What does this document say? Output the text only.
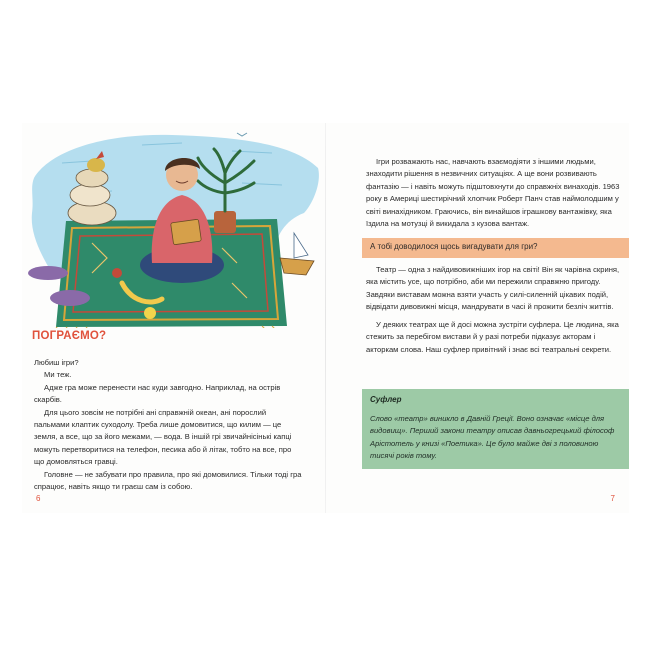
ПОГРАЄМО?

Любиш ігри?

Ми теж.

Адже гра може перенести нас куди завгодно. Наприклад, на острів скарбів.

Для цього зовсім не потрібні ані справжній океан, ані порослий пальмами клаптик суходолу. Треба лише домовитися, що килим — це земля, а все, що за його межами, — вода. В іншій грі звичайнісінькі капці можуть перетворитися на телефон, песика або й літак, тобто на все, про що домовляться гравці.

Головне — не забувати про правила, про які домовилися. Тільки тоді гра спрацює, навіть якщо ти граєш сам із собою.

6

Ігри розважають нас, навчають взаємодіяти з іншими людьми, знаходити рішення в незвичних ситуаціях. А ще вони розвивають фантазію — і навіть можуть підштовхнути до справжніх винаходів. 1963 року в Америці шестирічний хлопчик Роберт Панч став наймолодшим у світі винахідником. Граючись, він винайшов іграшкову вантажівку, яка їздила на мотузці й викидала з кузова вантаж.

А тобі доводилося щось вигадувати для гри?

Театр — одна з найдивовижніших ігор на світі! Він як чарівна скриня, яка містить усе, що потрібно, аби ми пережили справжню пригоду. Завдяки виставам можна взяти участь у силі-силенній цікавих подій, відвідати дивовижні місця, мандрувати в часі й прожити безліч життів.

У деяких театрах ще й досі можна зустріти суфлера. Це людина, яка стежить за перебігом вистави й у разі потреби підказує акторам і акторкам слова. Наш суфлер привітний і знає всі театральні секрети.

Суфлер

Слово «театр» виникло в Давній Греції. Воно означає «місце для видовищ». Перший закони театру описав давньогрецький філософ Арістотель у книзі «Поетика». Це було майже дві з половиною тисячі років тому.

7
